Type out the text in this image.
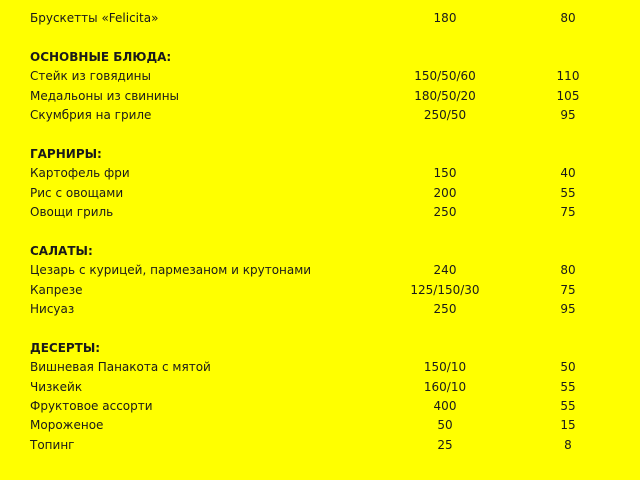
Брускетты «Felicita»	180	80
ОСНОВНЫЕ БЛЮДА:
Стейк из говядины	150/50/60	110
Медальоны из свинины	180/50/20	105
Скумбрия на гриле	250/50	95
ГАРНИРЫ:
Картофель фри	150	40
Рис с овощами	200	55
Овощи гриль	250	75
САЛАТЫ:
Цезарь с курицей, пармезаном и крутонами	240	80
Капрезе	125/150/30	75
Нисуаз	250	95
ДЕСЕРТЫ:
Вишневая Панакота с мятой	150/10	50
Чизкейк	160/10	55
Фруктовое ассорти	400	55
Мороженое	50	15
Топинг	25	8
